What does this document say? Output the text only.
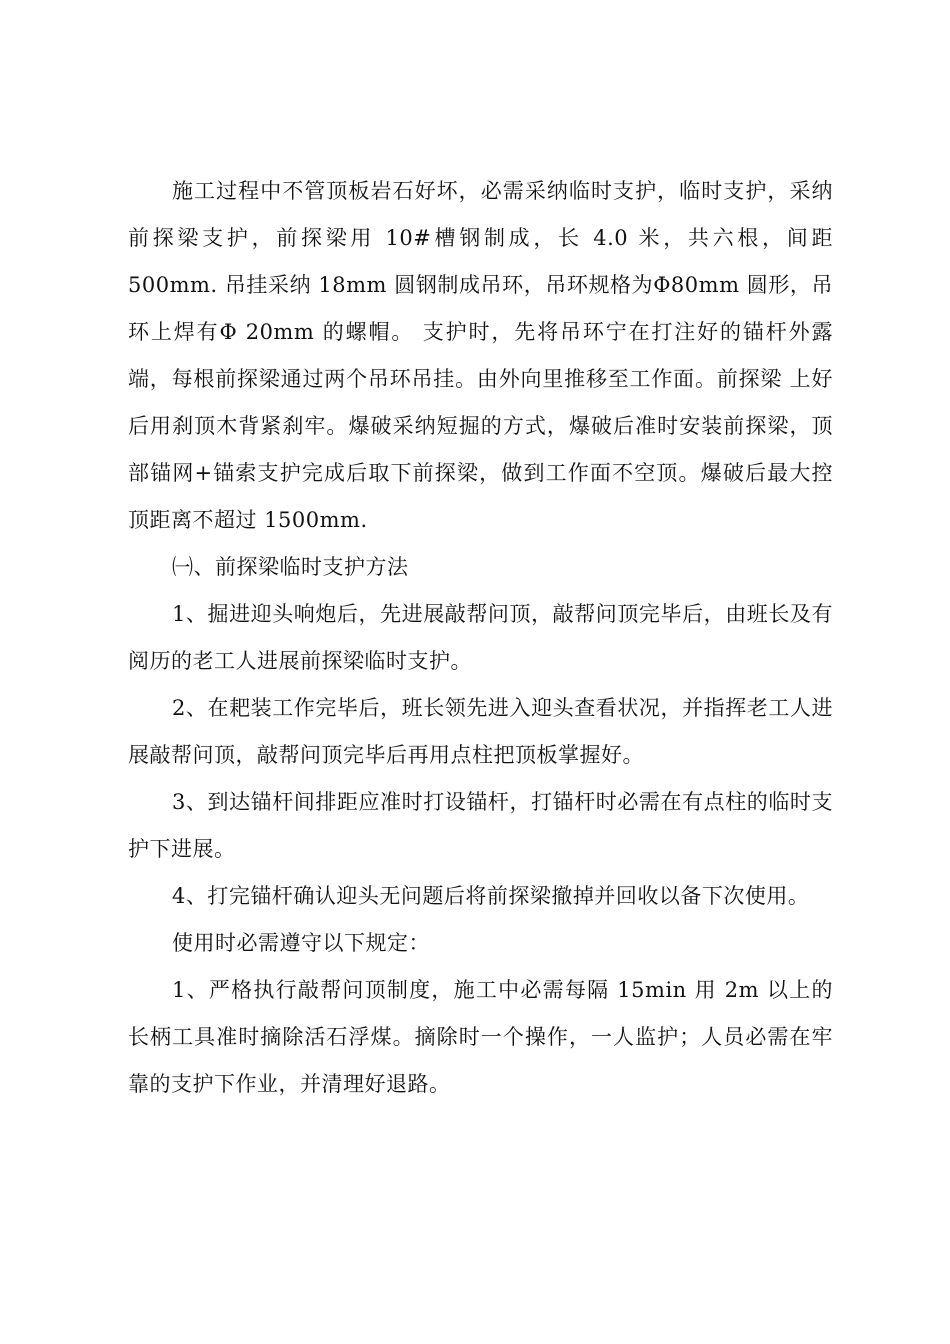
施工过程中不管顶板岩石好坏，必需采纳临时支护，临时支护，采纳前探梁支护，前探梁用 10#槽钢制成，长 4.0 米，共六根，间距 500mm. 吊挂采纳 18mm 圆钢制成吊环，吊环规格为Φ80mm 圆形，吊环上焊有Φ 20mm 的螺帽。 支护时，先将吊环宁在打注好的锚杆外露端，每根前探梁通过两个吊环吊挂。由外向里推移至工作面。前探梁 上好后用刹顶木背紧刹牢。爆破采纳短掘的方式，爆破后准时安装前探梁，顶部锚网+锚索支护完成后取下前探梁，做到工作面不空顶。爆破后最大控顶距离不超过 1500mm.

㈠、前探梁临时支护方法

1、掘进迎头响炮后，先进展敲帮问顶，敲帮问顶完毕后，由班长及有阅历的老工人进展前探梁临时支护。

2、在耙装工作完毕后，班长领先进入迎头查看状况，并指挥老工人进展敲帮问顶，敲帮问顶完毕后再用点柱把顶板掌握好。

3、到达锚杆间排距应准时打设锚杆，打锚杆时必需在有点柱的临时支护下进展。

4、打完锚杆确认迎头无问题后将前探梁撤掉并回收以备下次使用。

使用时必需遵守以下规定：

1、严格执行敲帮问顶制度，施工中必需每隔 15min 用 2m 以上的长柄工具准时摘除活石浮煤。摘除时一个操作，一人监护；人员必需在牢靠的支护下作业，并清理好退路。
